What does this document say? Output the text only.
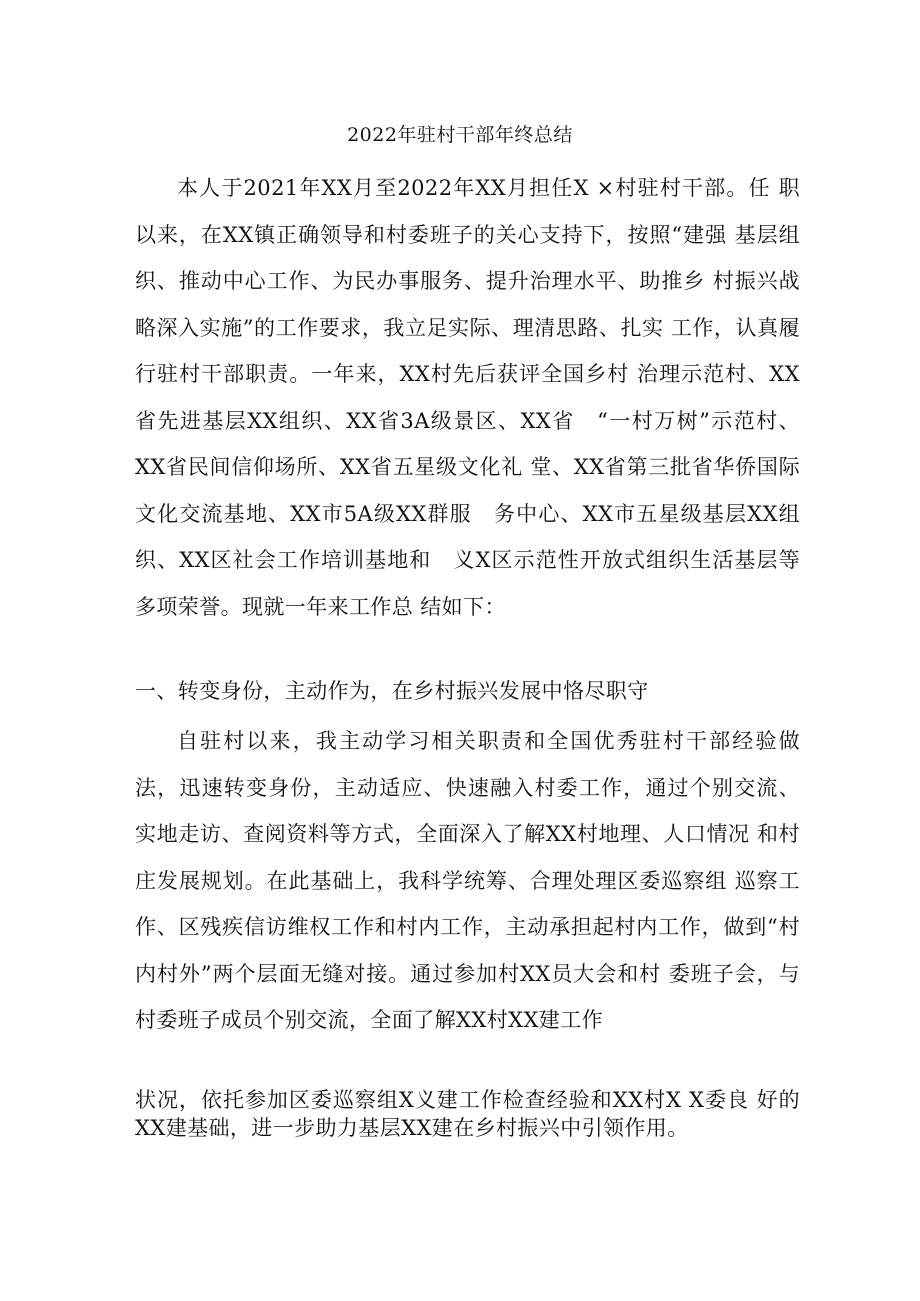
2022年驻村干部年终总结
本人于2021年XX月至2022年XX月担任X ×村驻村干部。任 职以来，在XX镇正确领导和村委班子的关心支持下，按照“建强 基层组织、推动中心工作、为民办事服务、提升治理水平、助推乡 村振兴战略深入实施”的工作要求，我立足实际、理清思路、扎实 工作，认真履行驻村干部职责。一年来，XX村先后获评全国乡村 治理示范村、XX省先进基层XX组织、XX省3A级景区、XX省　“一村万树”示范村、XX省民间信仰场所、XX省五星级文化礼 堂、XX省第三批省华侨国际文化交流基地、XX市5A级XX群服　务中心、XX市五星级基层XX组织、XX区社会工作培训基地和　义X区示范性开放式组织生活基层等多项荣誉。现就一年来工作总 结如下：
一、转变身份，主动作为，在乡村振兴发展中恪尽职守
自驻村以来，我主动学习相关职责和全国优秀驻村干部经验做 法，迅速转变身份，主动适应、快速融入村委工作，通过个别交流、 实地走访、查阅资料等方式，全面深入了解XX村地理、人口情况 和村庄发展规划。在此基础上，我科学统筹、合理处理区委巡察组 巡察工作、区残疾信访维权工作和村内工作，主动承担起村内工作，做到“村内村外”两个层面无缝对接。通过参加村XX员大会和村 委班子会，与村委班子成员个别交流，全面了解XX村XX建工作
状况，依托参加区委巡察组X义建工作检查经验和XX村X X委良 好的XX建基础，进一步助力基层XX建在乡村振兴中引领作用。
